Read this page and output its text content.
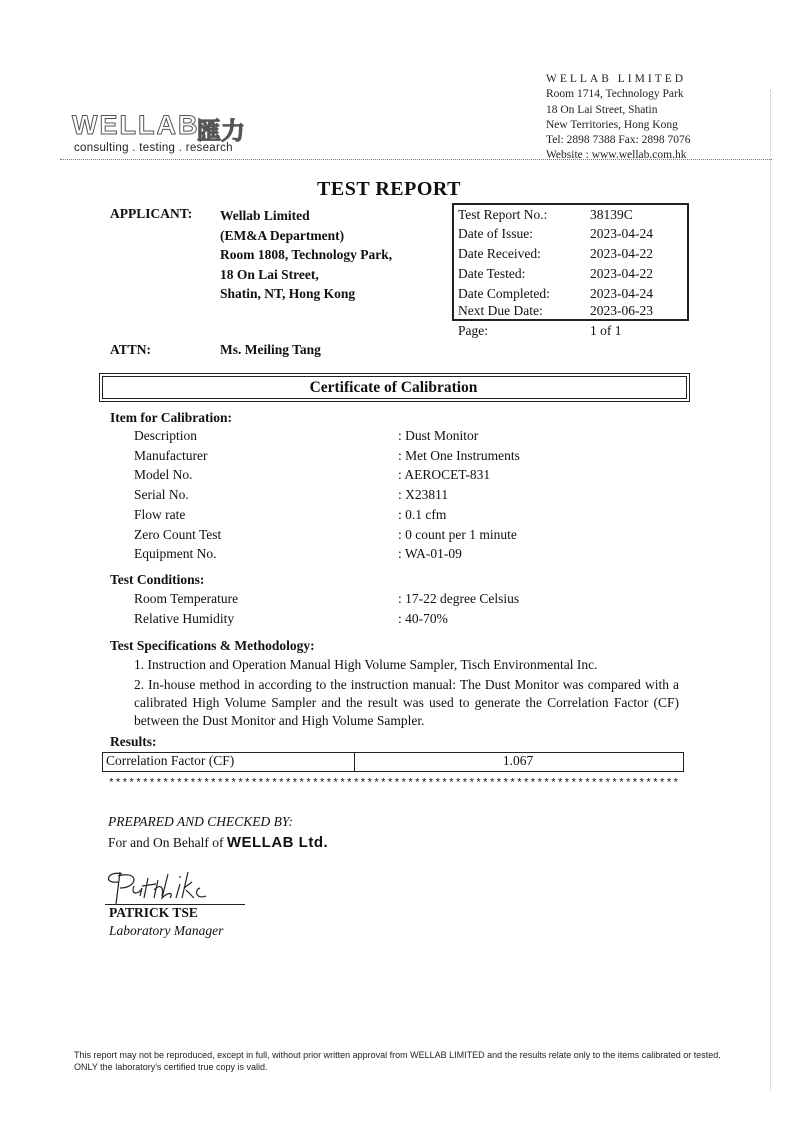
WELLAB
匯力
consulting . testing . research
WELLAB LIMITED
Room 1714, Technology Park
18 On Lai Street, Shatin
New Territories, Hong Kong
Tel: 2898 7388 Fax: 2898 7076
Website : www.wellab.com.hk
TEST REPORT
APPLICANT: Wellab Limited
(EM&A Department)
Room 1808, Technology Park,
18 On Lai Street,
Shatin, NT, Hong Kong
Test Report No.:	38139C
Date of Issue:	2023-04-24
Date Received:	2023-04-22
Date Tested:	2023-04-22
Date Completed:	2023-04-24
Next Due Date:	2023-06-23
Page:	1 of 1
ATTN:	Ms. Meiling Tang
Certificate of Calibration
Item for Calibration:
Description	: Dust Monitor
Manufacturer	: Met One Instruments
Model No.	: AEROCET-831
Serial No.	: X23811
Flow rate	: 0.1 cfm
Zero Count Test	: 0 count per 1 minute
Equipment No.	: WA-01-09
Test Conditions:
Room Temperature	: 17-22 degree Celsius
Relative Humidity	: 40-70%
Test Specifications & Methodology:
1. Instruction and Operation Manual High Volume Sampler, Tisch Environmental Inc.
2. In-house method in according to the instruction manual: The Dust Monitor was compared with a calibrated High Volume Sampler and the result was used to generate the Correlation Factor (CF) between the Dust Monitor and High Volume Sampler.
Results:
Correlation Factor (CF)	1.067
************************************************************************************
PREPARED AND CHECKED BY:
For and On Behalf of WELLAB Ltd.
PATRICK TSE
Laboratory Manager
This report may not be reproduced, except in full, without prior written approval from WELLAB LIMITED and the results relate only to the items calibrated or tested. ONLY the laboratory's certified true copy is valid.
